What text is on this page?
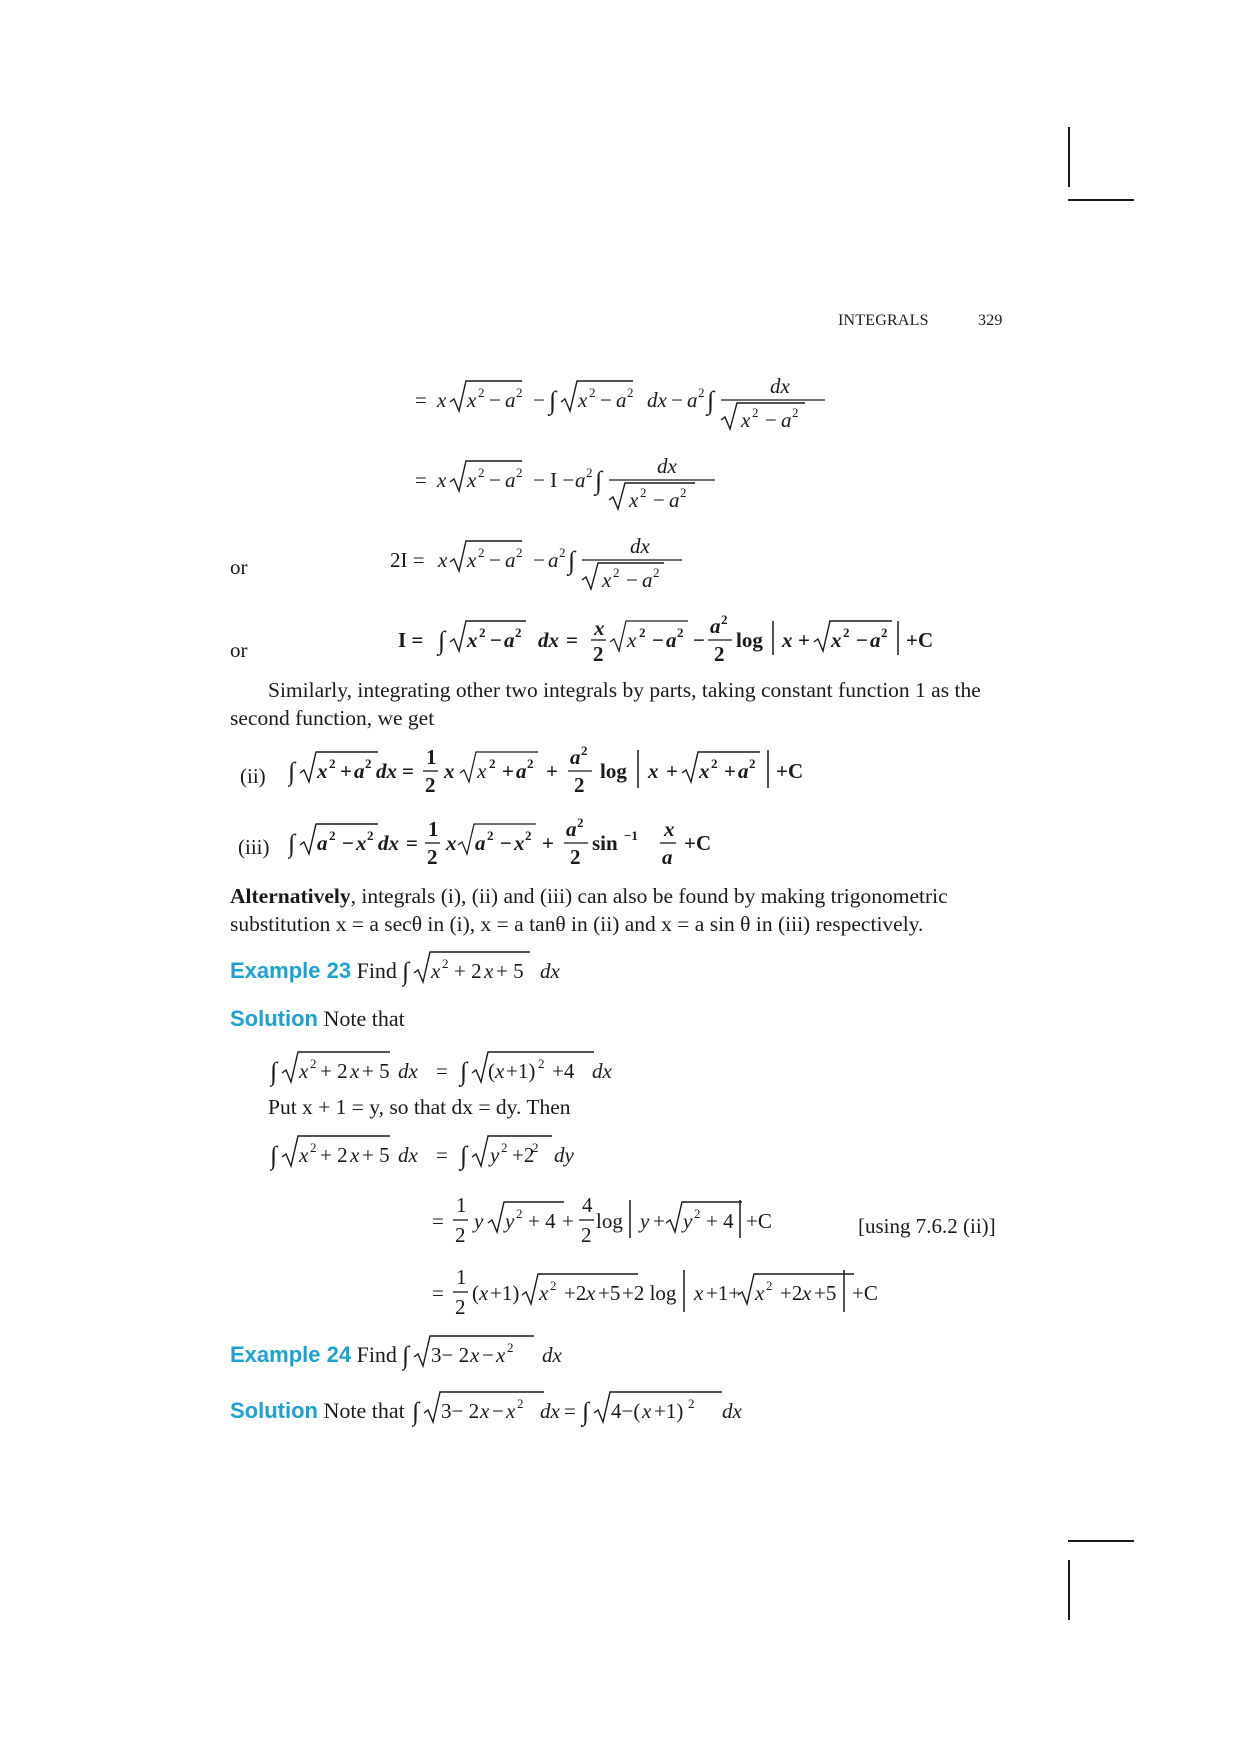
INTEGRALS	329
= x x 2 − a 2 − ∫ x 2 − a 2 dx − a 2 ∫	dx
x 2 − a 2
= x x 2 − a 2 − I − a 2 ∫	dx
x 2 − a 2
or	2I = x x 2 − a 2 − a 2 ∫	dx
x 2 − a 2
or	I = ∫ x 2 − a 2 dx = x
2
x 2 − a 2 −
a 2
2
log x + x 2 − a 2 +C
Similarly, integrating other two integrals by parts, taking constant function 1 as the second function, we get
(ii) ∫ x 2 + a 2 dx =
1
2
x x 2 + a 2 +
a 2
2
log x + x 2 + a 2 +C
(iii) ∫ a 2 − x 2 dx =
1
2
x a 2 − x 2 +
a 2
2
sin −1 x
a
+C
Alternatively, integrals (i), (ii) and (iii) can also be found by making trigonometric substitution x = a secθ in (i), x = a tanθ in (ii) and x = a sin θ in (iii) respectively.
Example 23 Find ∫ x 2 + 2 x + 5 dx
Solution Note that
∫ x 2 + 2 x + 5 dx = ∫ ( x +1) 2 +4 dx
Put x + 1 = y, so that dx = dy. Then
∫ x 2 + 2 x + 5 dx = ∫ y 2 +2
2 dy
=
1
2
y y 2 + 4 +
4
2
log y + y 2 + 4 +C	[using 7.6.2 (ii)]
=
1
2
( x +1) x 2 +2 x +5 +2 log x +1+ x 2 +2 x +5 +C
Example 24 Find ∫ 3− 2 x − x 2 dx
Solution Note that ∫ 3− 2 x − x 2 dx = ∫ 4−( x +1) 2 dx
